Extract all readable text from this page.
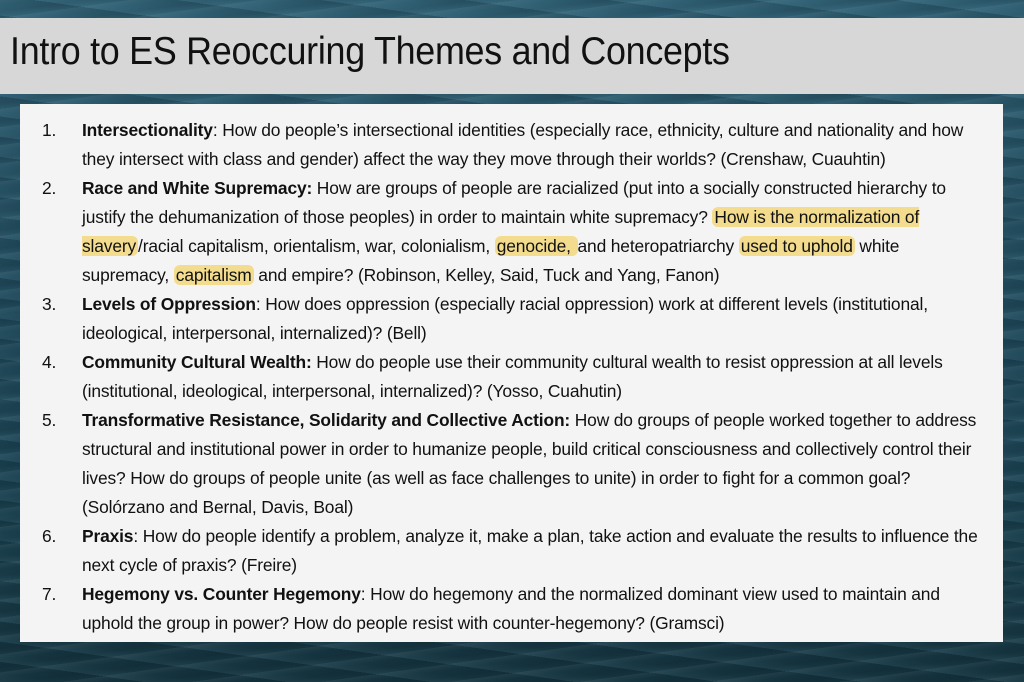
Intro to ES Reoccuring Themes and Concepts
1. Intersectionality: How do people’s intersectional identities (especially race, ethnicity, culture and nationality and how they intersect with class and gender) affect the way they move through their worlds? (Crenshaw, Cuauhtin)
2. Race and White Supremacy: How are groups of people are racialized (put into a socially constructed hierarchy to justify the dehumanization of those peoples) in order to maintain white supremacy? How is the normalization of slavery /racial capitalism, orientalism, war, colonialism, genocide, and heteropatriarchy used to uphold white supremacy, capitalism and empire? (Robinson, Kelley, Said, Tuck and Yang, Fanon)
3. Levels of Oppression: How does oppression (especially racial oppression) work at different levels (institutional, ideological, interpersonal, internalized)? (Bell)
4. Community Cultural Wealth: How do people use their community cultural wealth to resist oppression at all levels (institutional, ideological, interpersonal, internalized)? (Yosso, Cuahutin)
5. Transformative Resistance, Solidarity and Collective Action: How do groups of people worked together to address structural and institutional power in order to humanize people, build critical consciousness and collectively control their lives? How do groups of people unite (as well as face challenges to unite) in order to fight for a common goal? (Solórzano and Bernal, Davis, Boal)
6. Praxis: How do people identify a problem, analyze it, make a plan, take action and evaluate the results to influence the next cycle of praxis? (Freire)
7. Hegemony vs. Counter Hegemony: How do hegemony and the normalized dominant view used to maintain and uphold the group in power? How do people resist with counter-hegemony? (Gramsci)
